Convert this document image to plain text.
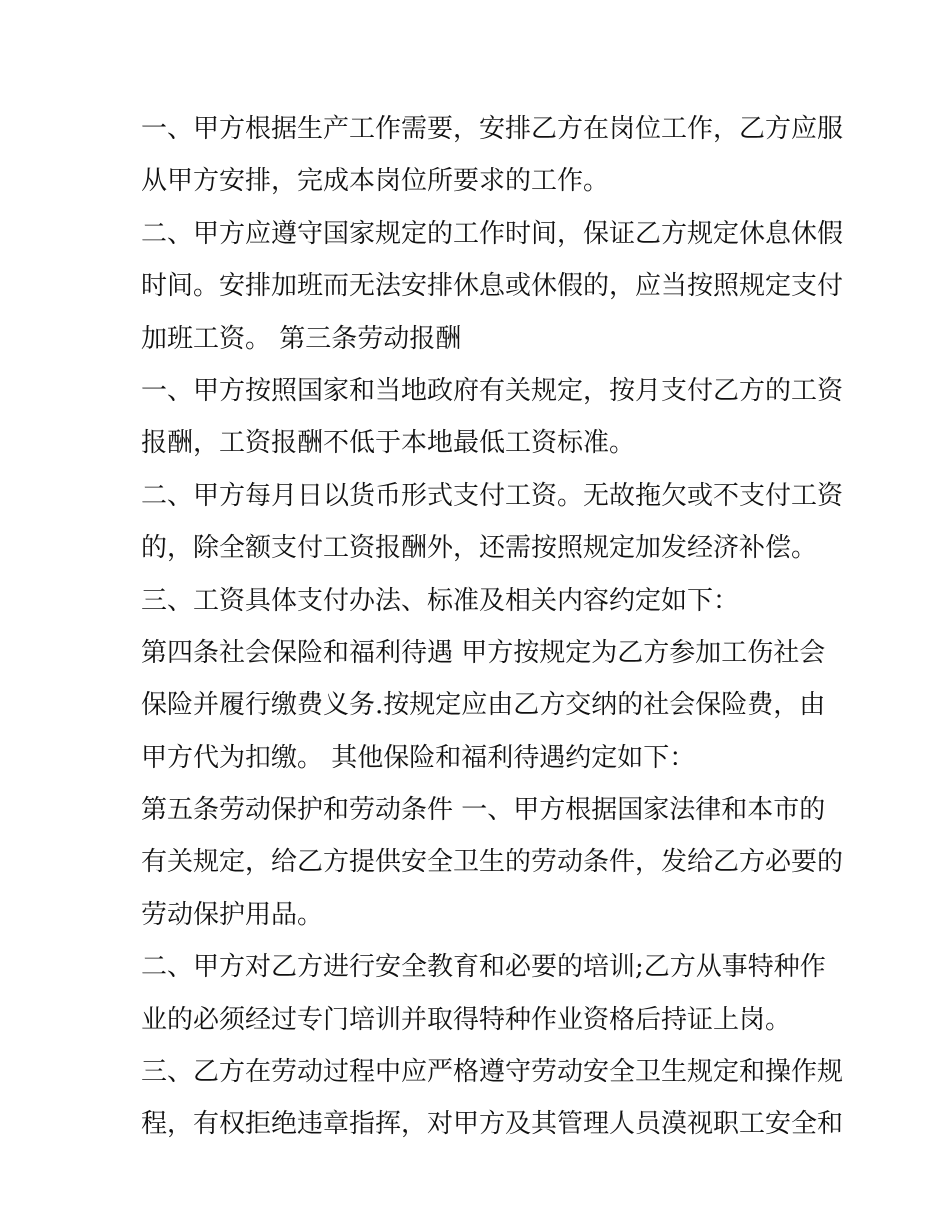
一、甲方根据生产工作需要，安排乙方在岗位工作，乙方应服
从甲方安排，完成本岗位所要求的工作。
二、甲方应遵守国家规定的工作时间，保证乙方规定休息休假
时间。安排加班而无法安排休息或休假的，应当按照规定支付
加班工资。 第三条劳动报酬
一、甲方按照国家和当地政府有关规定，按月支付乙方的工资
报酬，工资报酬不低于本地最低工资标准。
二、甲方每月日以货币形式支付工资。无故拖欠或不支付工资
的，除全额支付工资报酬外，还需按照规定加发经济补偿。
三、工资具体支付办法、标准及相关内容约定如下：
第四条社会保险和福利待遇 甲方按规定为乙方参加工伤社会
保险并履行缴费义务.按规定应由乙方交纳的社会保险费，由
甲方代为扣缴。 其他保险和福利待遇约定如下：
第五条劳动保护和劳动条件 一、甲方根据国家法律和本市的
有关规定，给乙方提供安全卫生的劳动条件，发给乙方必要的
劳动保护用品。
二、甲方对乙方进行安全教育和必要的培训;乙方从事特种作
业的必须经过专门培训并取得特种作业资格后持证上岗。
三、乙方在劳动过程中应严格遵守劳动安全卫生规定和操作规
程，有权拒绝违章指挥，对甲方及其管理人员漠视职工安全和
